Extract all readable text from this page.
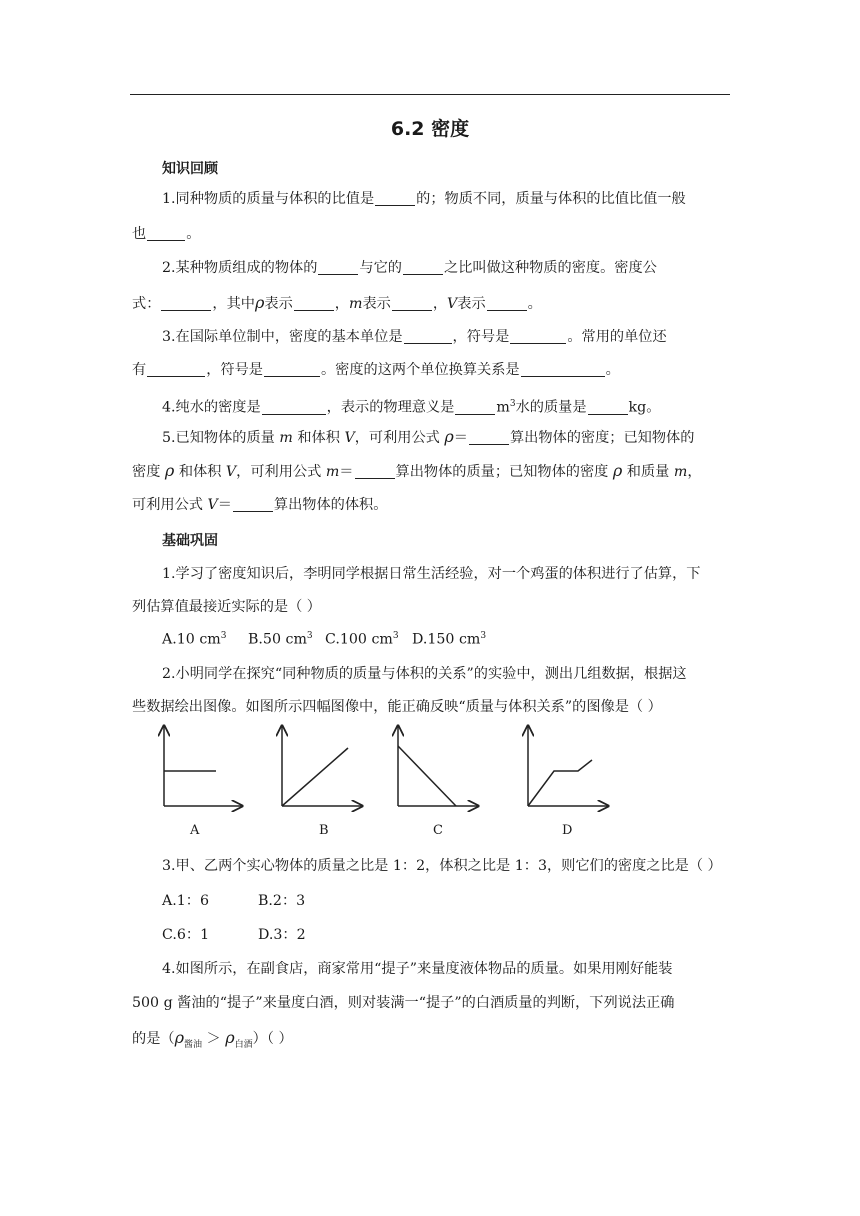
6.2 密度
知识回顾
1.同种物质的质量与体积的比值是	的；物质不同，质量与体积的比值比值一般
也	。
2.某种物质组成的物体的	与它的	之比叫做这种物质的密度。密度公
式：	，其中ρ表示	，m表示	，V表示	。
3.在国际单位制中，密度的基本单位是	，符号是	。常用的单位还
有	，符号是	。密度的这两个单位换算关系是	。
4.纯水的密度是	，表示的物理意义是	$m^3$水的质量是	kg。
5.已知物体的质量 m 和体积 V，可利用公式 ρ＝	算出物体的密度；已知物体的
密度 ρ 和体积 V，可利用公式 m＝	算出物体的质量；已知物体的密度 ρ 和质量 m，
可利用公式 V＝	算出物体的体积。
基础巩固
1.学习了密度知识后，李明同学根据日常生活经验，对一个鸡蛋的体积进行了估算，下
列估算值最接近实际的是（ ）
A.10 $cm^3$ B.50 $cm^3$ C.100 $cm^3$ D.150 $cm^3$
2.小明同学在探究“同种物质的质量与体积的关系”的实验中，测出几组数据，根据这
些数据绘出图像。如图所示四幅图像中，能正确反映“质量与体积关系”的图像是（ ）
A	B	C	D
3.甲、乙两个实心物体的质量之比是 1：2，体积之比是 1：3，则它们的密度之比是（ ）
A.1：6	B.2：3
C.6：1	D.3：2
4.如图所示，在副食店，商家常用“提子”来量度液体物品的质量。如果用刚好能装
500 g 酱油的“提子”来量度白酒，则对装满一“提子”的白酒质量的判断，下列说法正确
的是$(\rho_{酱油} > \rho_{白酒})$（ ）
